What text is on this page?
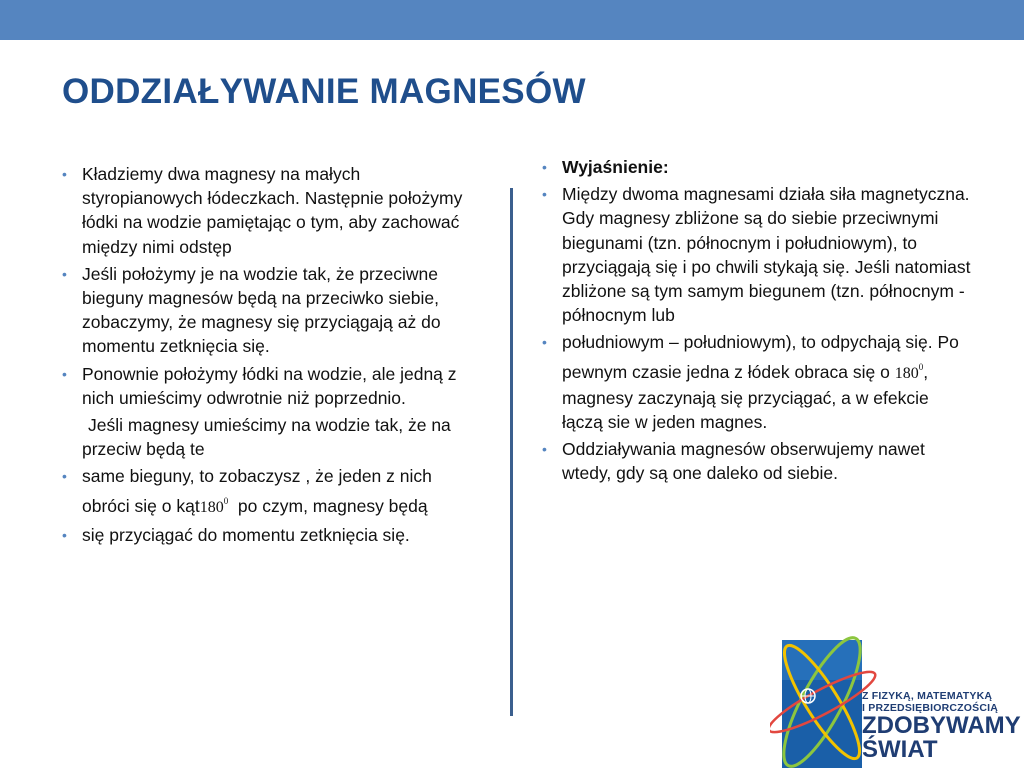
ODDZIAŁYWANIE MAGNESÓW
• Kładziemy dwa magnesy na małych styropianowych łódeczkach. Następnie położymy łódki na wodzie pamiętając o tym, aby zachować między nimi odstęp
• Jeśli położymy je na wodzie tak, że przeciwne bieguny magnesów będą na przeciwko siebie, zobaczymy, że magnesy się przyciągają aż do momentu zetknięcia się.
• Ponownie położymy łódki na wodzie, ale jedną z nich umieścimy odwrotnie niż poprzednio.
Jeśli magnesy umieścimy na wodzie tak, że na przeciw będą te
• same bieguny, to zobaczysz , że jeden z nich obróci się o $kąt180^0$  po czym, magnesy będą
• się przyciągać do momentu zetknięcia się.
• Wyjaśnienie:
• Między dwoma magnesami działa siła magnetyczna. Gdy magnesy zbliżone są do siebie przeciwnymi biegunami (tzn. północnym i południowym), to przyciągają się i po chwili stykają się. Jeśli natomiast zbliżone są tym samym biegunem (tzn. północnym - północnym lub
• południowym – południowym), to odpychają się. Po pewnym czasie jedna z łódek obraca się o $180^0$, magnesy zaczynają się przyciągać, a w efekcie łączą sie w jeden magnes.
• Oddziaływania magnesów obserwujemy nawet wtedy, gdy są one daleko od siebie.
Z FIZYKĄ, MATEMATYKĄ
I PRZEDSIĘBIORCZOŚCIĄ
ZDOBYWAMY
ŚWIAT
